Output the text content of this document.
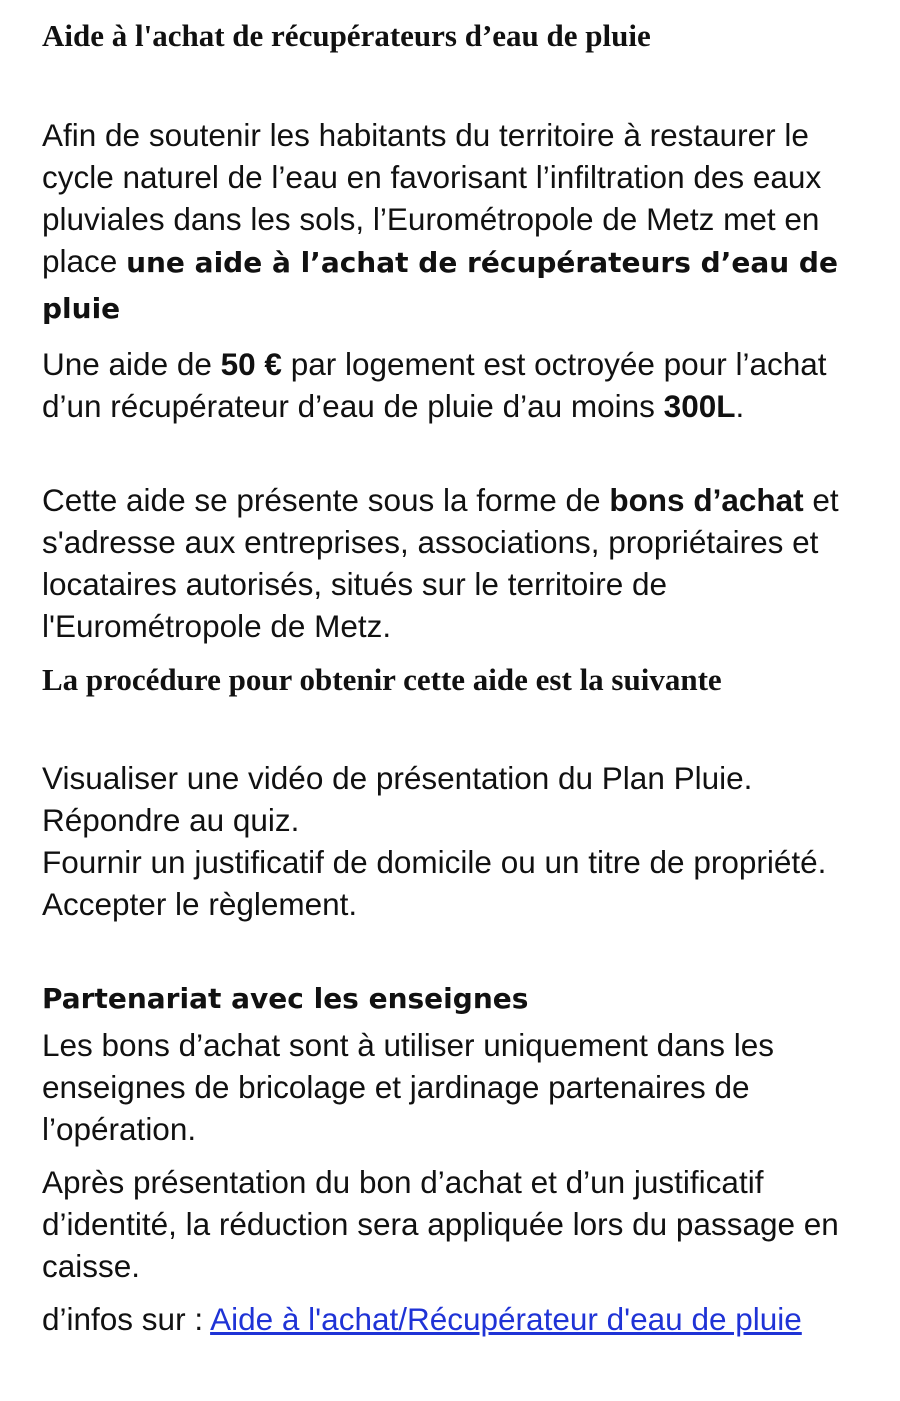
Aide à l'achat de récupérateurs d’eau de pluie

Afin de soutenir les habitants du territoire à restaurer le cycle naturel de l’eau en favorisant l’infiltration des eaux pluviales dans les sols, l’Eurométropole de Metz met en place une aide à l’achat de récupérateurs d’eau de pluie

Une aide de 50 € par logement est octroyée pour l’achat d’un récupérateur d’eau de pluie d’au moins 300L.

Cette aide se présente sous la forme de bons d’achat et s'adresse aux entreprises, associations, propriétaires et locataires autorisés, situés sur le territoire de l'Eurométropole de Metz.

La procédure pour obtenir cette aide est la suivante
Visualiser une vidéo de présentation du Plan Pluie.
Répondre au quiz.
Fournir un justificatif de domicile ou un titre de propriété.
Accepter le règlement.
Partenariat avec les enseignes

Les bons d’achat sont à utiliser uniquement dans les enseignes de bricolage et jardinage partenaires de l’opération.

Après présentation du bon d’achat et d’un justificatif d’identité, la réduction sera appliquée lors du passage en caisse.

d’infos sur : Aide à l'achat/Récupérateur d'eau de pluie
